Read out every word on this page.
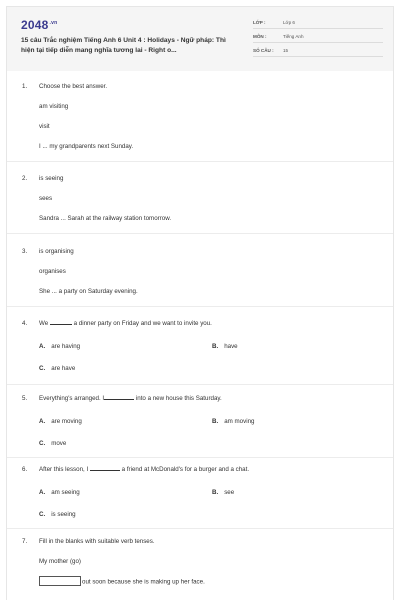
$2048^{.vn}$
15 câu Trắc nghiệm Tiếng Anh 6 Unit 4 : Holidays - Ngữ pháp: Thì hiện tại tiếp diễn mang nghĩa tương lai - Right o...
LỚP :	Lớp 6
MÔN :	Tiếng Anh
SỐ CÂU : 15
1. Choose the best answer.
am visiting
visit
I ... my grandparents next Sunday.
2. is seeing
sees
Sandra ... Sarah at the railway station tomorrow.
3. is organising
organises
She ... a party on Saturday evening.
4. We	a dinner party on Friday and we want to invite you.
A. are having	B. have
C. are have
5. Everything's arranged. I	into a new house this Saturday.
A. are moving	B. am moving
C. move
6. After this lesson, I	a friend at McDonald's for a burger and a chat.
A. am seeing	B. see
C. is seeing
7. Fill in the blanks with suitable verb tenses.
My mother (go)
out soon because she is making up her face.
